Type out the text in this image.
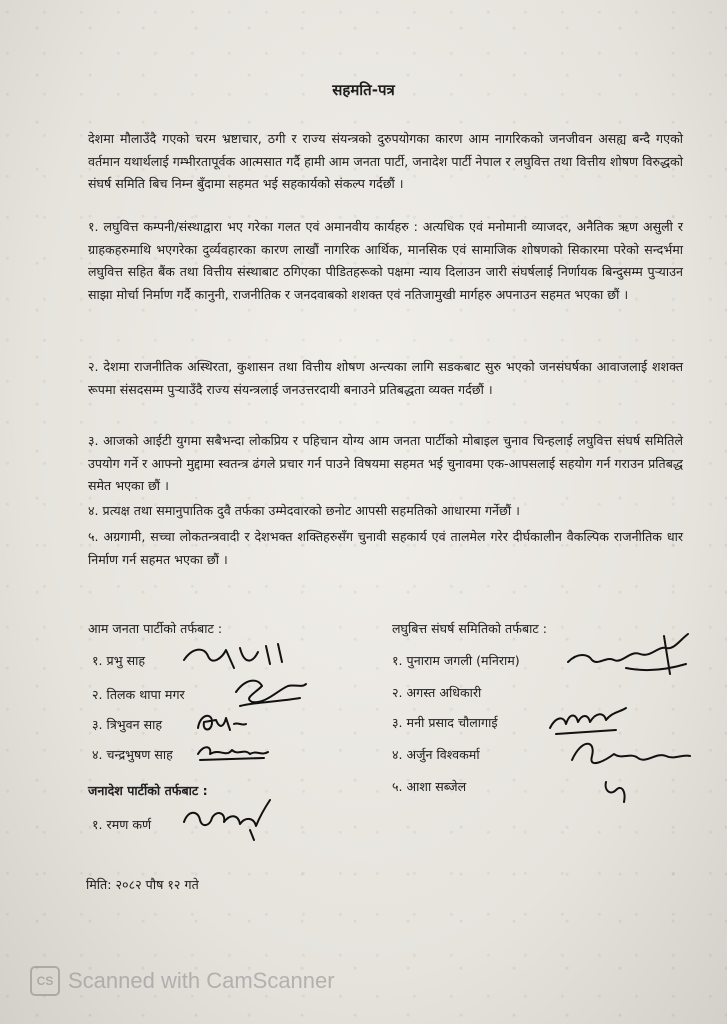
सहमति-पत्र

देशमा मौलाउँदै गएको चरम भ्रष्टाचार, ठगी र राज्य संयन्त्रको दुरुपयोगका कारण आम नागरिकको जनजीवन असह्य बन्दै गएको वर्तमान यथार्थलाई गम्भीरतापूर्वक आत्मसात गर्दै हामी आम जनता पार्टी, जनादेश पार्टी नेपाल र लघुवित्त तथा वित्तीय शोषण विरुद्धको संघर्ष समिति बिच निम्न बुँदामा सहमत भई सहकार्यको संकल्प गर्दछौं ।

१. लघुवित्त कम्पनी/संस्थाद्वारा भए गरेका गलत एवं अमानवीय कार्यहरु : अत्यधिक एवं मनोमानी व्याजदर, अनैतिक ऋण असुली र ग्राहकहरुमाथि भएगरेका दुर्व्यवहारका कारण लाखौं नागरिक आर्थिक, मानसिक एवं सामाजिक शोषणको सिकारमा परेको सन्दर्भमा लघुवित्त सहित बैंक तथा वित्तीय संस्थाबाट ठगिएका पीडितहरूको पक्षमा न्याय दिलाउन जारी संघर्षलाई निर्णायक बिन्दुसम्म पुऱ्याउन साझा मोर्चा निर्माण गर्दै कानुनी, राजनीतिक र जनदवाबको शशक्त एवं नतिजामुखी मार्गहरु अपनाउन सहमत भएका छौं ।

२. देशमा राजनीतिक अस्थिरता, कुशासन तथा वित्तीय शोषण अन्त्यका लागि सडकबाट सुरु भएको जनसंघर्षका आवाजलाई शशक्त रूपमा संसदसम्म पुऱ्याउँदै राज्य संयन्त्रलाई जनउत्तरदायी बनाउने प्रतिबद्धता व्यक्त गर्दछौं ।

३. आजको आईटी युगमा सबैभन्दा लोकप्रिय र पहिचान योग्य आम जनता पार्टीको मोबाइल चुनाव चिन्हलाई लघुवित्त संघर्ष समितिले उपयोग गर्ने र आफ्नो मुद्दामा स्वतन्त्र ढंगले प्रचार गर्न पाउने विषयमा सहमत भई चुनावमा एक-आपसलाई सहयोग गर्न गराउन प्रतिबद्ध समेत भएका छौं ।

४. प्रत्यक्ष तथा समानुपातिक दुवै तर्फका उम्मेदवारको छनोट आपसी सहमतिको आधारमा गर्नेछौं ।

५. अग्रगामी, सच्चा लोकतन्त्रवादी र देशभक्त शक्तिहरुसँग चुनावी सहकार्य एवं तालमेल गरेर दीर्घकालीन वैकल्पिक राजनीतिक धार निर्माण गर्न सहमत भएका छौं ।

आम जनता पार्टीको तर्फबाट :
१. प्रभु साह
२. तिलक थापा मगर
३. त्रिभुवन साह
४. चन्द्रभुषण साह
जनादेश पार्टीको तर्फबाट :
१. रमण कर्ण
लघुबित्त संघर्ष समितिको तर्फबाट :
१. पुनाराम जगली (मनिराम)
२. अगस्त अधिकारी
३. मनी प्रसाद चौलागाई
४. अर्जुन विश्वकर्मा
५. आशा सब्जेल
मिति: २०८२ पौष १२ गते
CS Scanned with CamScanner
